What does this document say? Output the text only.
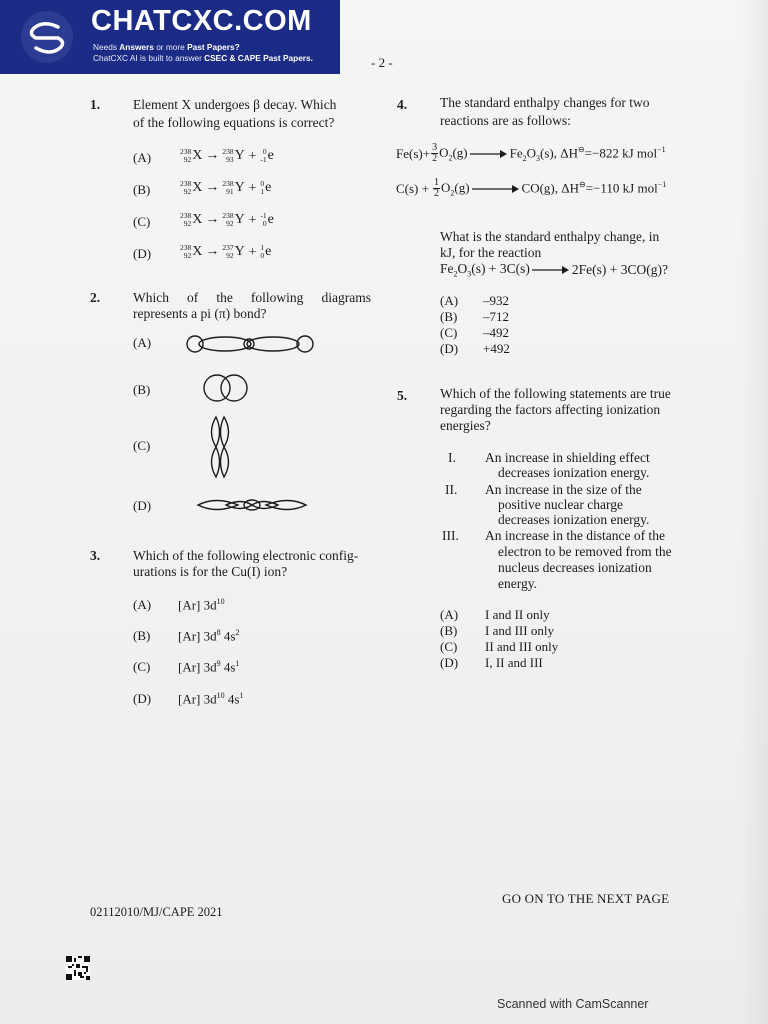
CHATCXC.COM
Needs Answers or more Past Papers?
ChatCXC AI is built to answer CSEC & CAPE Past Papers.	- 2 -
1. Element X undergoes β decay. Which
of the following equations is correct?
(A)	238
92 X → 238
93 Y + 0
-1 e
(B)	238
92 X → 238
91 Y + 0
1 e
(C)	238
92 X → 238
92 Y + -1
0 e
(D)	238
92 X → 237
92 Y + 1
0 e
2. Which of the following diagrams
represents a pi (π) bond?
(A)
(B)
(C)
(D)
3. Which of the following electronic config-
urations is for the Cu(I) ion?
(A) [Ar] $3d^{10}$
(B) [Ar] $3d^8$ $4s^2$
(C) [Ar] $3d^9$ $4s^1$
(D) [Ar] $3d^{10}$ $4s^1$
4. The standard enthalpy changes for two
reactions are as follows:
$Fe(s)+ \frac{3}{2} O_2(g) \to Fe_2O_3(s)$, ΔH⊖=−822 kJ mol$^{-1}$
$C(s) + \frac{1}{2} O_2(g) \to CO(g)$, ΔH⊖=−110 kJ mol$^{-1}$
What is the standard enthalpy change, in
kJ, for the reaction
$Fe_2O_3(s) + 3C(s) \to 2Fe(s) + 3CO(g)$?
(A) –932
(B) –712
(C) –492
(D) +492
5. Which of the following statements are true
regarding the factors affecting ionization
energies?
I. An increase in shielding effect
decreases ionization energy.
II. An increase in the size of the
positive nuclear charge
decreases ionization energy.
III. An increase in the distance of the
electron to be removed from the
nucleus decreases ionization
energy.
(A) I and II only
(B) I and III only
(C) II and III only
(D) I, II and III
GO ON TO THE NEXT PAGE
02112010/MJ/CAPE 2021
Scanned with CamScanner
